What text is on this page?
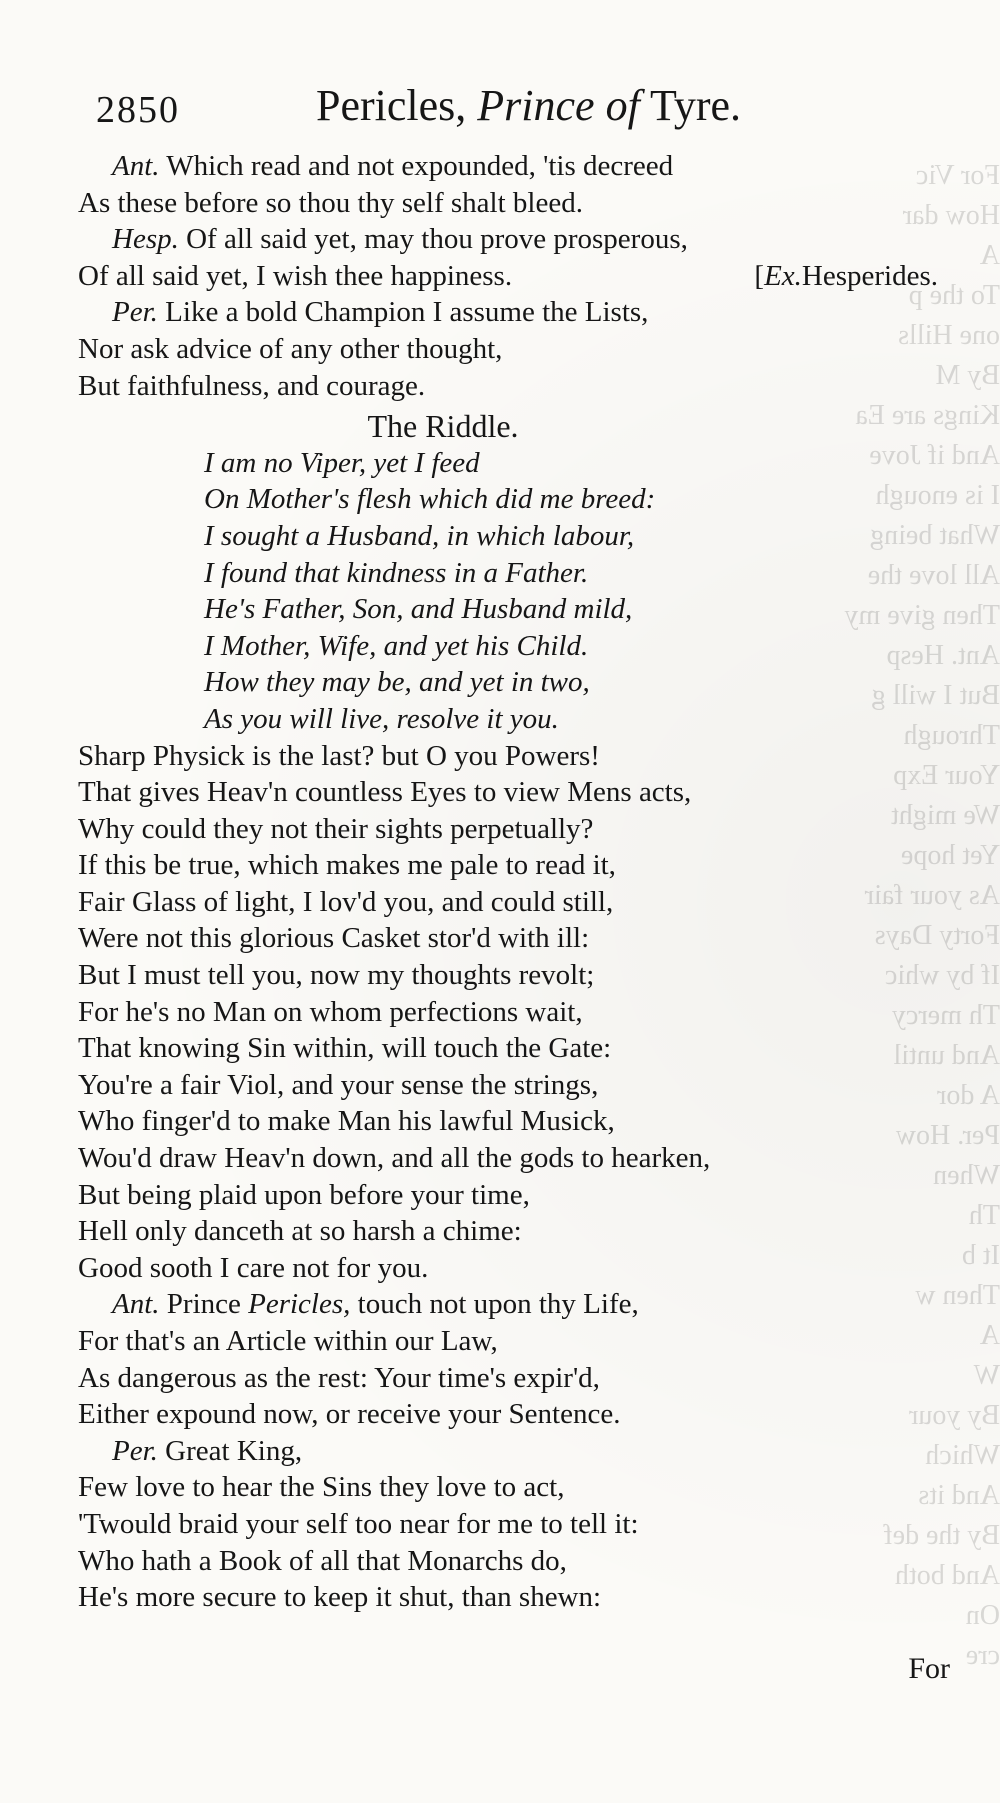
For Vic
How dar
A
To the p
one Hills
By M
Kings are Ea
And if Jove
I is enough
What being
All love the
Then give my
Ant. Hesp
But I will g
Through
Your Exp
We might
Yet hope
As your fair
Forty Days
If by whic
Th mercy
And until
A dor
Per. How
When
Th
It b
Then w
A
W
By your
Which
And its
By the def
And both
On
cre
2850	Pericles, Prince of Tyre.
Ant. Which read and not expounded, 'tis decreed
As these before so thou thy self shalt bleed.
Hesp. Of all said yet, may thou prove prosperous,
Of all said yet, I wish thee happiness.	[Ex.Hesperides.
Per. Like a bold Champion I assume the Lists,
Nor ask advice of any other thought,
But faithfulness, and courage.
The Riddle.
I am no Viper, yet I feed
On Mother's flesh which did me breed:
I sought a Husband, in which labour,
I found that kindness in a Father.
He's Father, Son, and Husband mild,
I Mother, Wife, and yet his Child.
How they may be, and yet in two,
As you will live, resolve it you.
Sharp Physick is the last? but O you Powers!
That gives Heav'n countless Eyes to view Mens acts,
Why could they not their sights perpetually?
If this be true, which makes me pale to read it,
Fair Glass of light, I lov'd you, and could still,
Were not this glorious Casket stor'd with ill:
But I must tell you, now my thoughts revolt;
For he's no Man on whom perfections wait,
That knowing Sin within, will touch the Gate:
You're a fair Viol, and your sense the strings,
Who finger'd to make Man his lawful Musick,
Wou'd draw Heav'n down, and all the gods to hearken,
But being plaid upon before your time,
Hell only danceth at so harsh a chime:
Good sooth I care not for you.
Ant. Prince Pericles, touch not upon thy Life,
For that's an Article within our Law,
As dangerous as the rest: Your time's expir'd,
Either expound now, or receive your Sentence.
Per. Great King,
Few love to hear the Sins they love to act,
'Twould braid your self too near for me to tell it:
Who hath a Book of all that Monarchs do,
He's more secure to keep it shut, than shewn:
For
